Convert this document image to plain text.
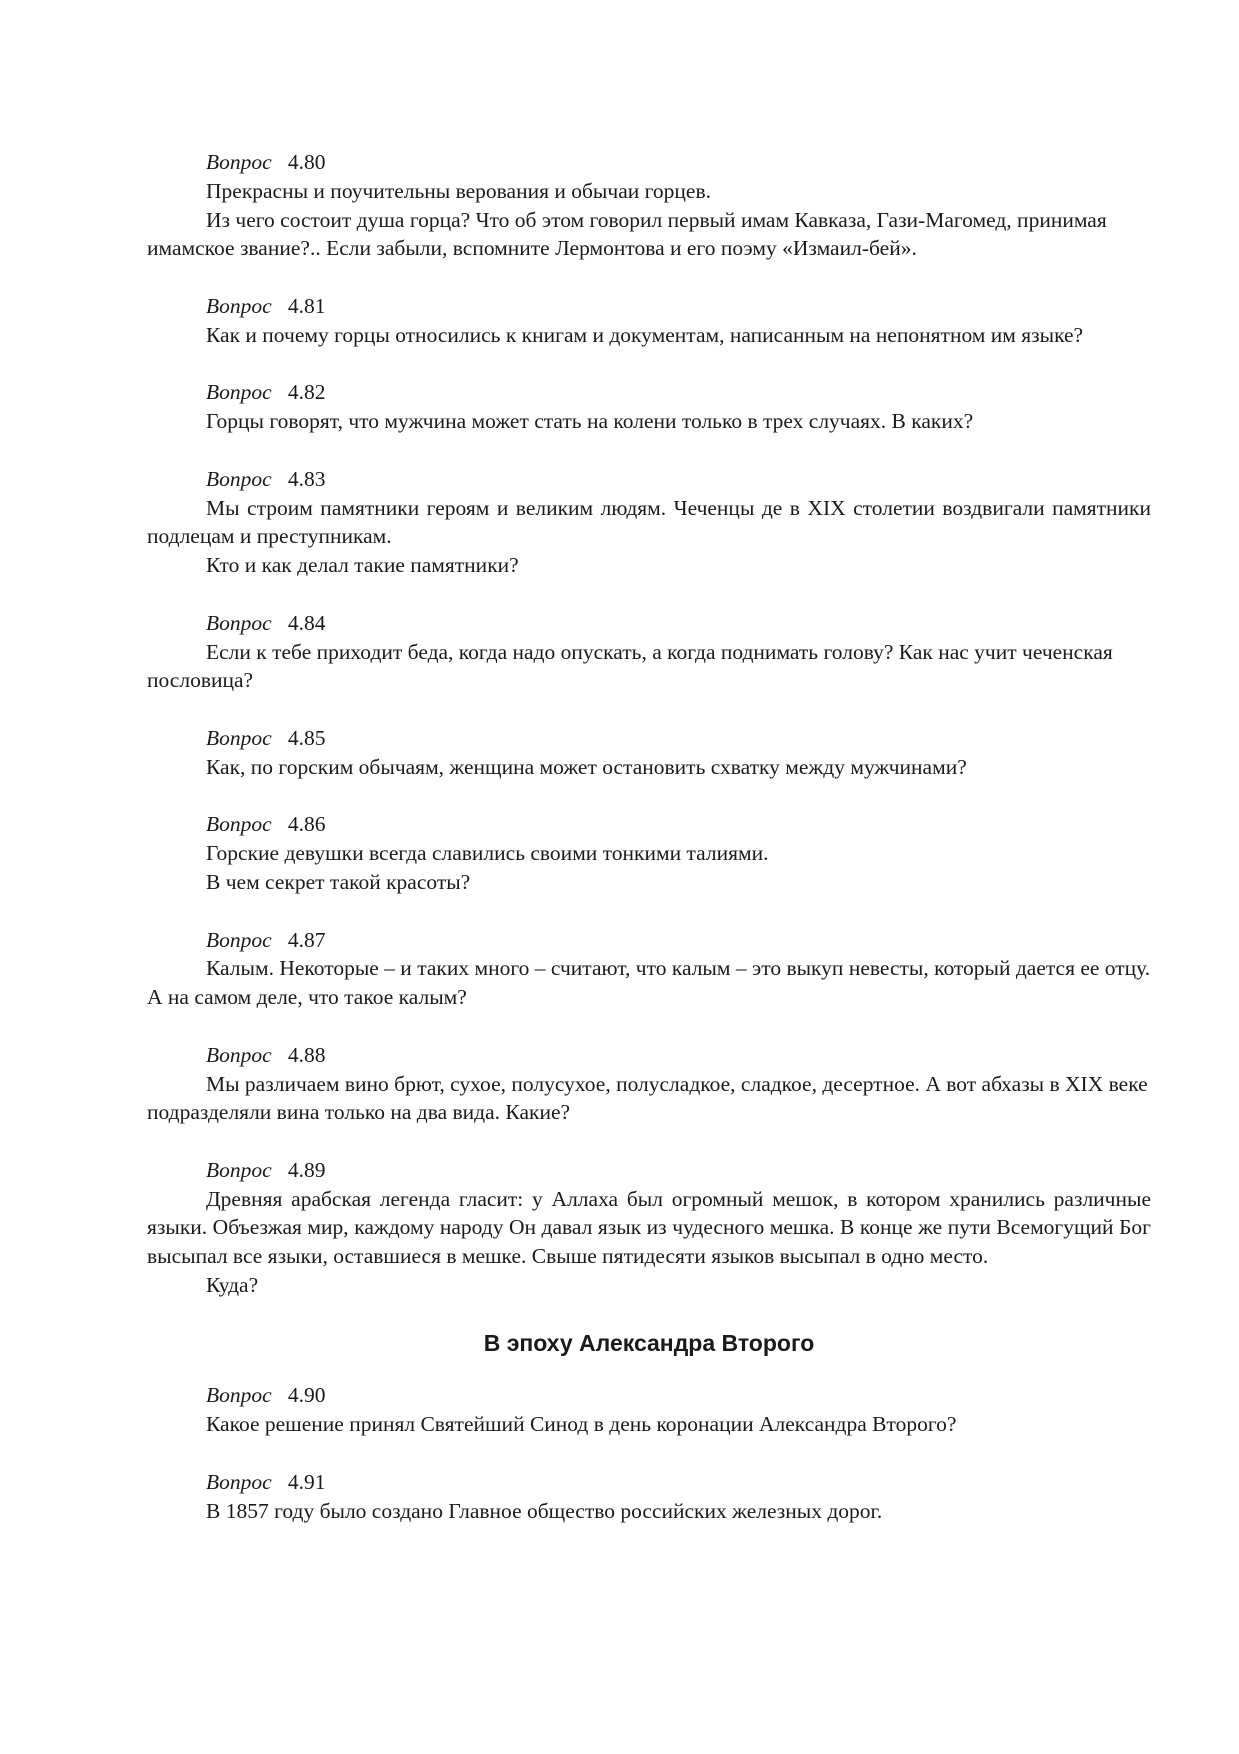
Вопрос 4.80

Прекрасны и поучительны верования и обычаи горцев.

Из чего состоит душа горца? Что об этом говорил первый имам Кавказа, Гази-Магомед, принимая имамское звание?.. Если забыли, вспомните Лермонтова и его поэму «Измаил-бей».

Вопрос 4.81

Как и почему горцы относились к книгам и документам, написанным на непонятном им языке?

Вопрос 4.82

Горцы говорят, что мужчина может стать на колени только в трех случаях. В каких?

Вопрос 4.83

Мы строим памятники героям и великим людям. Чеченцы де в XIX столетии воздвигали памятники подлецам и преступникам.

Кто и как делал такие памятники?

Вопрос 4.84

Если к тебе приходит беда, когда надо опускать, а когда поднимать голову? Как нас учит чеченская пословица?

Вопрос 4.85

Как, по горским обычаям, женщина может остановить схватку между мужчинами?

Вопрос 4.86

Горские девушки всегда славились своими тонкими талиями.

В чем секрет такой красоты?

Вопрос 4.87

Калым. Некоторые – и таких много – считают, что калым – это выкуп невесты, который дается ее отцу. А на самом деле, что такое калым?

Вопрос 4.88

Мы различаем вино брют, сухое, полусухое, полусладкое, сладкое, десертное. А вот абхазы в XIX веке подразделяли вина только на два вида. Какие?

Вопрос 4.89

Древняя арабская легенда гласит: у Аллаха был огромный мешок, в котором хранились различные языки. Объезжая мир, каждому народу Он давал язык из чудесного мешка. В конце же пути Всемогущий Бог высыпал все языки, оставшиеся в мешке. Свыше пятидесяти языков высыпал в одно место.

Куда?

В эпоху Александра Второго
Вопрос 4.90

Какое решение принял Святейший Синод в день коронации Александра Второго?

Вопрос 4.91

В 1857 году было создано Главное общество российских железных дорог.
